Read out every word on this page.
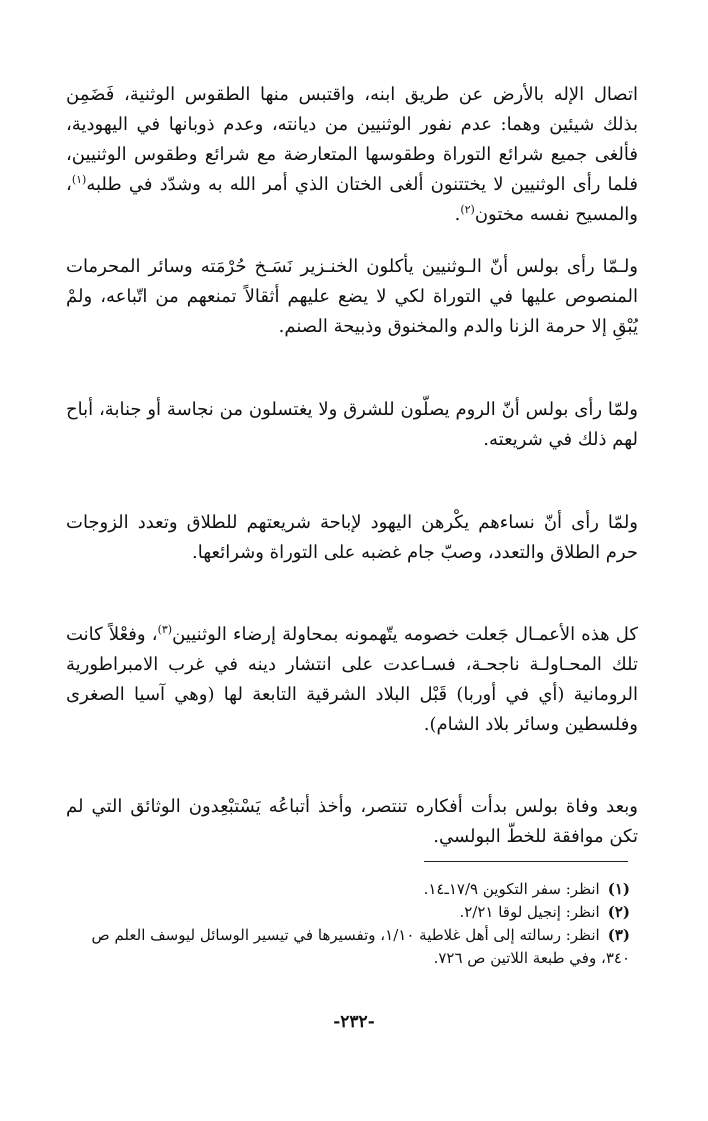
اتصال الإله بالأرض عن طريق ابنه، واقتبس منها الطقوس الوثنية، فَضَمِن بذلك شيئين وهما: عدم نفور الوثنيين من ديانته، وعدم ذوبانها في اليهودية، فألغى جميع شرائع التوراة وطقوسها المتعارضة مع شرائع وطقوس الوثنيين، فلما رأى الوثنيين لا يختتنون ألغى الختان الذي أمر الله به وشدّد في طلبه$^{(١)}$، والمسيح نفسه مختون$^{(٢)}$.

ولـمّا رأى بولس أنّ الـوثنيين يأكلون الخنـزير نَسَـخ حُرْمَته وسائر المحرمات المنصوص عليها في التوراة لكي لا يضع عليهم أثقالاً تمنعهم من اتّباعه، ولمْ يُبْقِ إلا حرمة الزنا والدم والمخنوق وذبيحة الصنم.

ولمّا رأى بولس أنّ الروم يصلّون للشرق ولا يغتسلون من نجاسة أو جنابة، أباح لهم ذلك في شريعته.

ولمّا رأى أنّ نساءهم يكْرهن اليهود لإباحة شريعتهم للطلاق وتعدد الزوجات حرم الطلاق والتعدد، وصبّ جام غضبه على التوراة وشرائعها.

كل هذه الأعمـال جَعلت خصومه يتّهمونه بمحاولة إرضاء الوثنيين$^{(٣)}$، وفعْلاً كانت تلك المحـاولـة ناجحـة، فسـاعدت على انتشار دينه في غرب الامبراطورية الرومانية (أي في أوربا) قَبْل البلاد الشرقية التابعة لها (وهي آسيا الصغرى وفلسطين وسائر بلاد الشام).

وبعد وفاة بولس بدأت أفكاره تنتصر، وأخذ أتباعُه يَسْتبْعِدون الوثائق التي لم تكن موافقة للخطّ البولسي.

(١)انظر: سفر التكوين ١٧/٩ـ١٤.
(٢)انظر: إنجيل لوقا ٢/٢١.
(٣)انظر: رسالته إلى أهل غلاطية ١/١٠، وتفسيرها في تيسير الوسائل ليوسف العلم ص ٣٤٠، وفي طبعة اللاتين ص ٧٢٦.
-٢٣٢-
